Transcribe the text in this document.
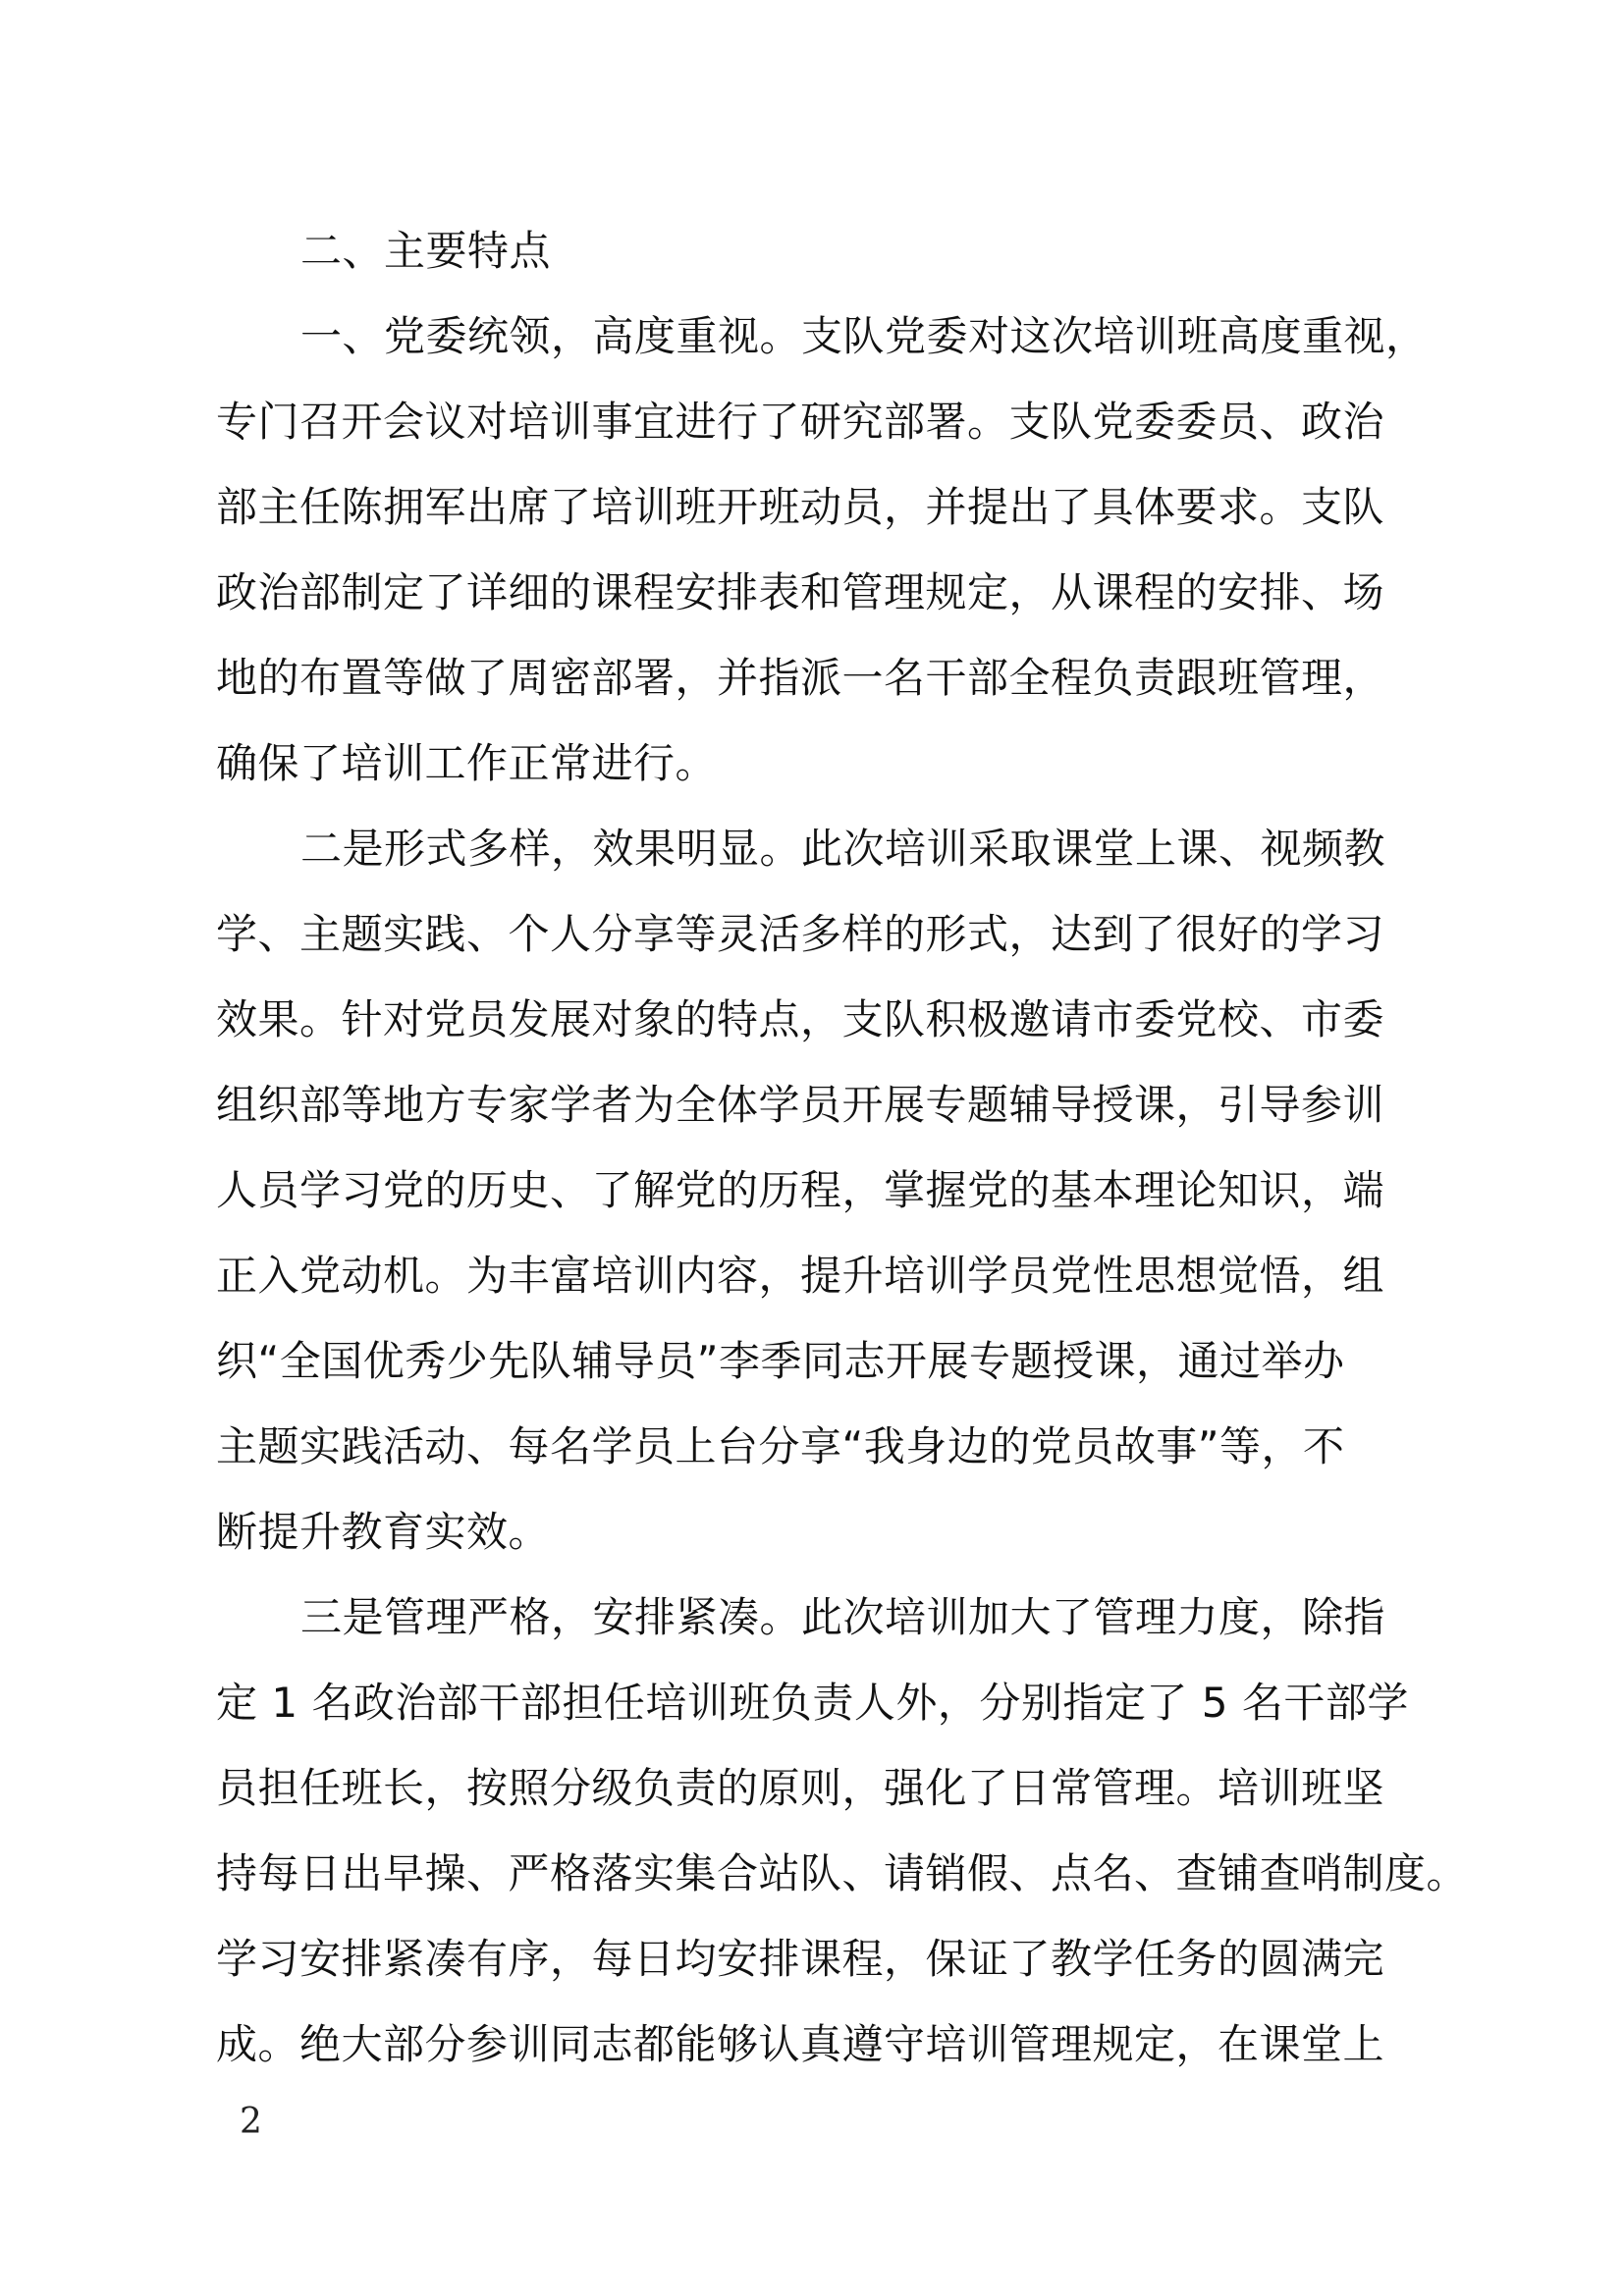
二、主要特点

一、党委统领，高度重视。支队党委对这次培训班高度重视，

专门召开会议对培训事宜进行了研究部署。支队党委委员、政治

部主任陈拥军出席了培训班开班动员，并提出了具体要求。支队

政治部制定了详细的课程安排表和管理规定，从课程的安排、场

地的布置等做了周密部署，并指派一名干部全程负责跟班管理，

确保了培训工作正常进行。

二是形式多样，效果明显。此次培训采取课堂上课、视频教

学、主题实践、个人分享等灵活多样的形式，达到了很好的学习

效果。针对党员发展对象的特点，支队积极邀请市委党校、市委

组织部等地方专家学者为全体学员开展专题辅导授课，引导参训

人员学习党的历史、了解党的历程，掌握党的基本理论知识，端

正入党动机。为丰富培训内容，提升培训学员党性思想觉悟，组

织“全国优秀少先队辅导员”李季同志开展专题授课，通过举办

主题实践活动、每名学员上台分享“我身边的党员故事”等，不

断提升教育实效。

三是管理严格，安排紧凑。此次培训加大了管理力度，除指

定 1 名政治部干部担任培训班负责人外，分别指定了 5 名干部学

员担任班长，按照分级负责的原则，强化了日常管理。培训班坚

持每日出早操、严格落实集合站队、请销假、点名、查铺查哨制度。

学习安排紧凑有序，每日均安排课程，保证了教学任务的圆满完

成。绝大部分参训同志都能够认真遵守培训管理规定，在课堂上

2
